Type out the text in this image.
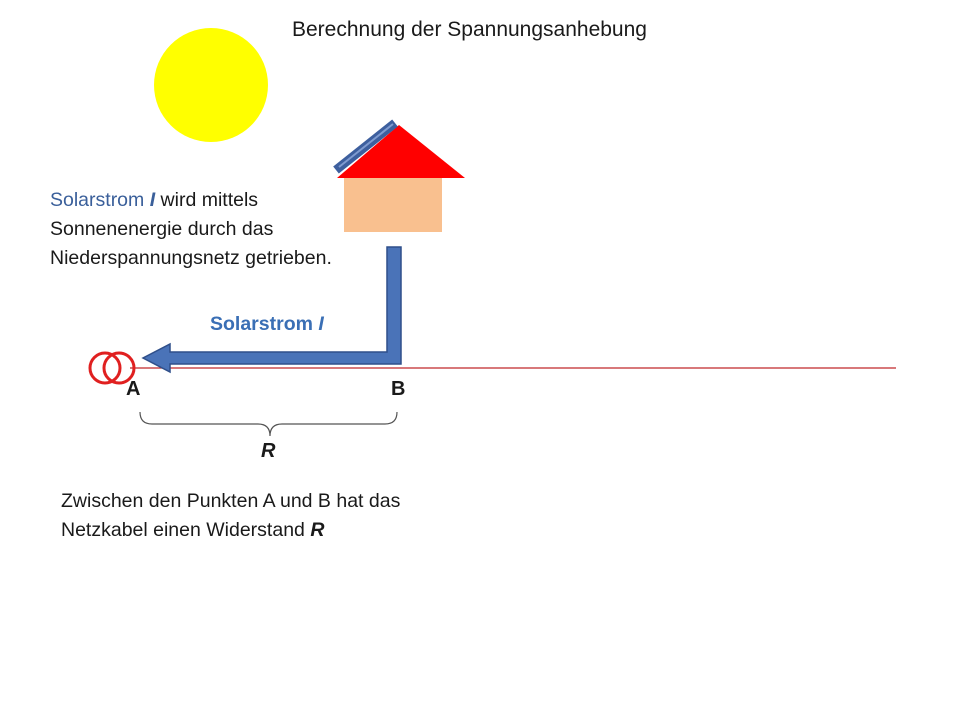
Berechnung der Spannungsanhebung
Solarstrom I wird mittels Sonnenenergie durch das Niederspannungsnetz getrieben.
Solarstrom I
A	B
R
Zwischen den Punkten A und B hat das Netzkabel einen Widerstand R
